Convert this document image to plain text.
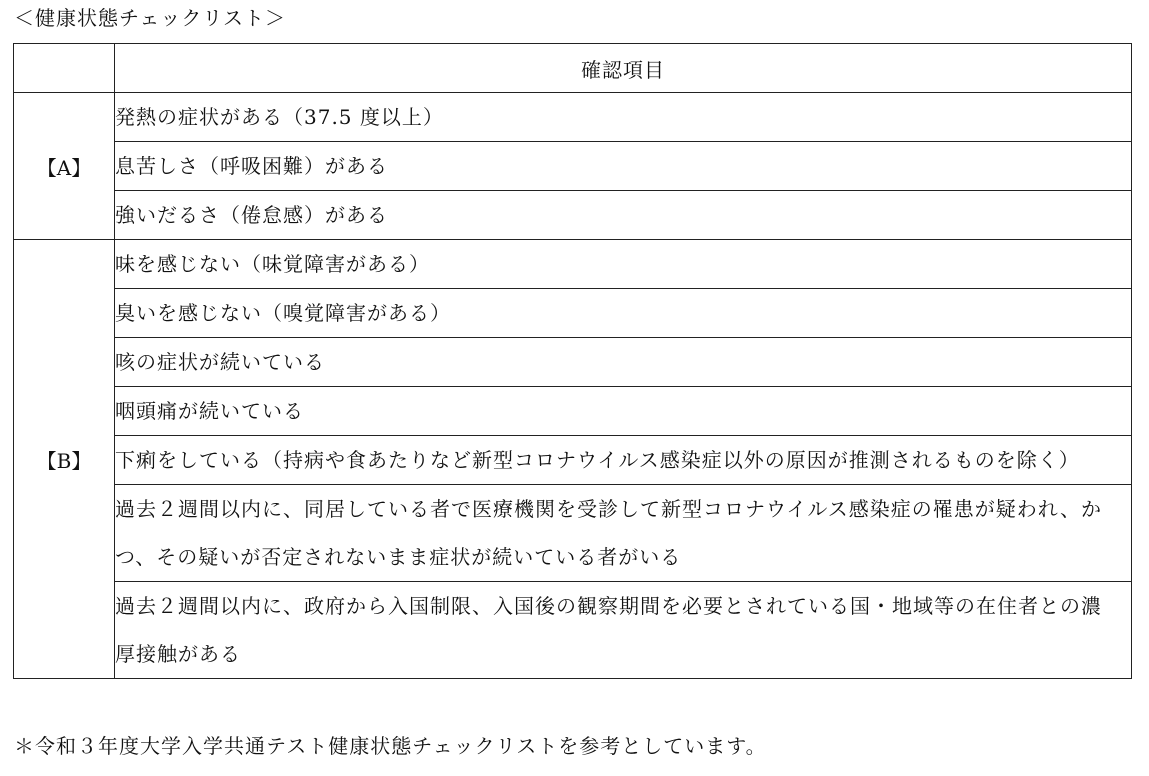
＜健康状態チェックリスト＞
	確認項目
【A】	発熱の症状がある（37.5 度以上）
	息苦しさ（呼吸困難）がある
	強いだるさ（倦怠感）がある
【B】	味を感じない（味覚障害がある）
	臭いを感じない（嗅覚障害がある）
	咳の症状が続いている
	咽頭痛が続いている
	下痢をしている（持病や食あたりなど新型コロナウイルス感染症以外の原因が推測されるものを除く）
	過去２週間以内に、同居している者で医療機関を受診して新型コロナウイルス感染症の罹患が疑われ、かつ、その疑いが否定されないまま症状が続いている者がいる
	過去２週間以内に、政府から入国制限、入国後の観察期間を必要とされている国・地域等の在住者との濃厚接触がある
＊令和３年度大学入学共通テスト健康状態チェックリストを参考としています。
